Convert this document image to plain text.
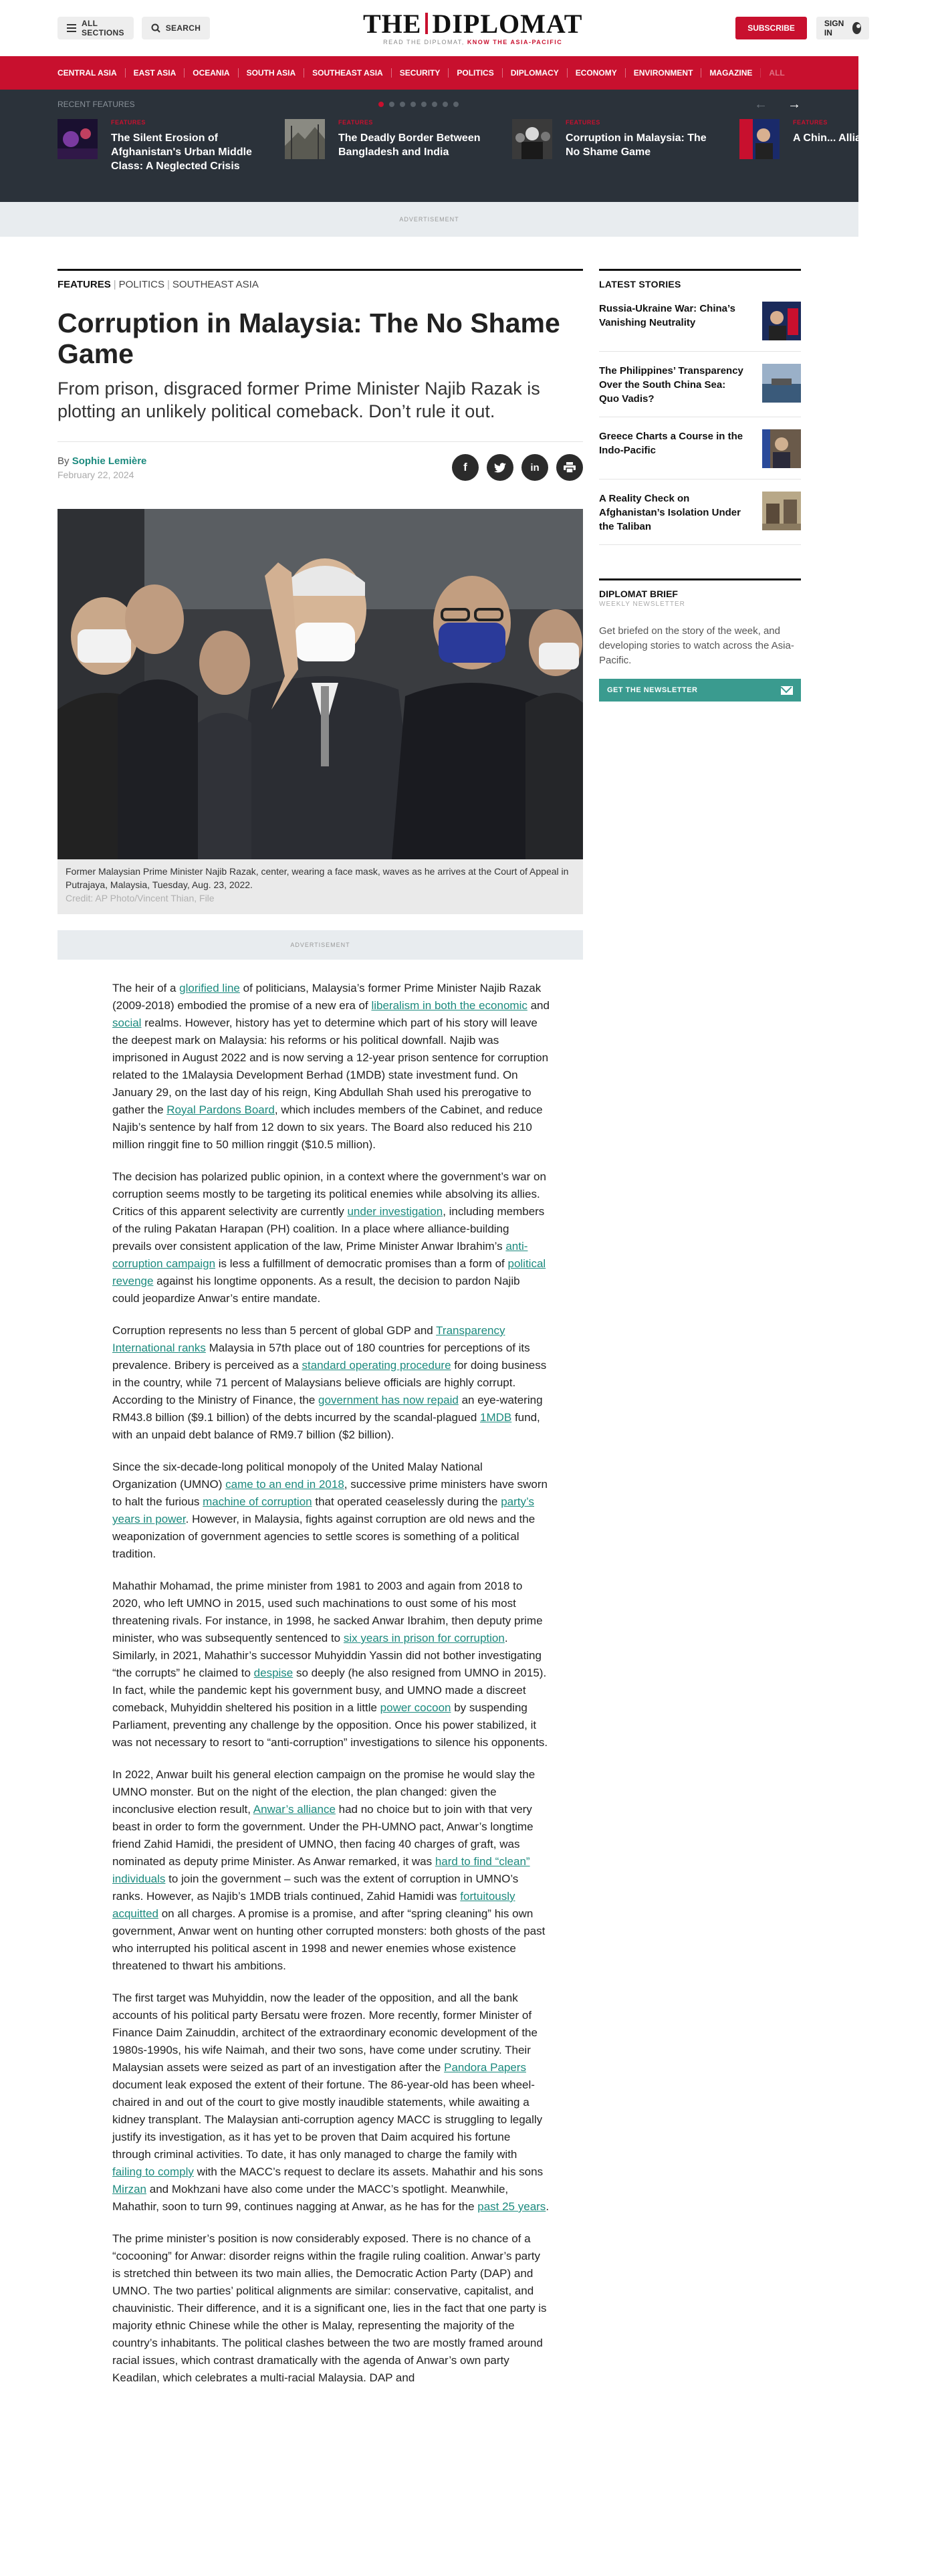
ALL SECTIONS	SEARCH	THE DIPLOMAT
READ THE DIPLOMAT, KNOW THE ASIA-PACIFIC
SUBSCRIBE	SIGN IN
CENTRAL ASIA	EAST ASIA	OCEANIA	SOUTH ASIA	SOUTHEAST ASIA	SECURITY	POLITICS	DIPLOMACY	ECONOMY	ENVIRONMENT	MAGAZINE	ALL
RECENT FEATURES	← →
FEATURES
The Silent Erosion of Afghanistan's Urban Middle Class: A Neglected Crisis
FEATURES
The Deadly Border Between Bangladesh and India
FEATURES
Corruption in Malaysia: The No Shame Game
FEATURES
A Chin... Allianc...
ADVERTISEMENT
FEATURES | POLITICS | SOUTHEAST ASIA
Corruption in Malaysia: The No Shame Game
From prison, disgraced former Prime Minister Najib Razak is plotting an unlikely political comeback. Don’t rule it out.
By Sophie Lemière
February 22, 2024
f	in
Former Malaysian Prime Minister Najib Razak, center, wearing a face mask, waves as he arrives at the Court of Appeal in Putrajaya, Malaysia, Tuesday, Aug. 23, 2022.
Credit: AP Photo/Vincent Thian, File
ADVERTISEMENT

The heir of a glorified line of politicians, Malaysia’s former Prime Minister Najib Razak (2009-2018) embodied the promise of a new era of liberalism in both the economic and social realms. However, history has yet to determine which part of his story will leave the deepest mark on Malaysia: his reforms or his political downfall. Najib was imprisoned in August 2022 and is now serving a 12-year prison sentence for corruption related to the 1Malaysia Development Berhad (1MDB) state investment fund. On January 29, on the last day of his reign, King Abdullah Shah used his prerogative to gather the Royal Pardons Board, which includes members of the Cabinet, and reduce Najib’s sentence by half from 12 down to six years. The Board also reduced his 210 million ringgit fine to 50 million ringgit ($10.5 million).

The decision has polarized public opinion, in a context where the government’s war on corruption seems mostly to be targeting its political enemies while absolving its allies. Critics of this apparent selectivity are currently under investigation, including members of the ruling Pakatan Harapan (PH) coalition. In a place where alliance-building prevails over consistent application of the law, Prime Minister Anwar Ibrahim’s anti-corruption campaign is less a fulfillment of democratic promises than a form of political revenge against his longtime opponents. As a result, the decision to pardon Najib could jeopardize Anwar’s entire mandate.

Corruption represents no less than 5 percent of global GDP and Transparency International ranks Malaysia in 57th place out of 180 countries for perceptions of its prevalence. Bribery is perceived as a standard operating procedure for doing business in the country, while 71 percent of Malaysians believe officials are highly corrupt. According to the Ministry of Finance, the government has now repaid an eye-watering RM43.8 billion ($9.1 billion) of the debts incurred by the scandal-plagued 1MDB fund, with an unpaid debt balance of RM9.7 billion ($2 billion).

Since the six-decade-long political monopoly of the United Malay National Organization (UMNO) came to an end in 2018, successive prime ministers have sworn to halt the furious machine of corruption that operated ceaselessly during the party’s years in power. However, in Malaysia, fights against corruption are old news and the weaponization of government agencies to settle scores is something of a political tradition.

Mahathir Mohamad, the prime minister from 1981 to 2003 and again from 2018 to 2020, who left UMNO in 2015, used such machinations to oust some of his most threatening rivals. For instance, in 1998, he sacked Anwar Ibrahim, then deputy prime minister, who was subsequently sentenced to six years in prison for corruption. Similarly, in 2021, Mahathir’s successor Muhyiddin Yassin did not bother investigating “the corrupts” he claimed to despise so deeply (he also resigned from UMNO in 2015). In fact, while the pandemic kept his government busy, and UMNO made a discreet comeback, Muhyiddin sheltered his position in a little power cocoon by suspending Parliament, preventing any challenge by the opposition. Once his power stabilized, it was not necessary to resort to “anti-corruption” investigations to silence his opponents.

In 2022, Anwar built his general election campaign on the promise he would slay the UMNO monster. But on the night of the election, the plan changed: given the inconclusive election result, Anwar’s alliance had no choice but to join with that very beast in order to form the government. Under the PH-UMNO pact, Anwar’s longtime friend Zahid Hamidi, the president of UMNO, then facing 40 charges of graft, was nominated as deputy prime Minister. As Anwar remarked, it was hard to find “clean” individuals to join the government – such was the extent of corruption in UMNO’s ranks. However, as Najib’s 1MDB trials continued, Zahid Hamidi was fortuitously acquitted on all charges. A promise is a promise, and after “spring cleaning” his own government, Anwar went on hunting other corrupted monsters: both ghosts of the past who interrupted his political ascent in 1998 and newer enemies whose existence threatened to thwart his ambitions.

The first target was Muhyiddin, now the leader of the opposition, and all the bank accounts of his political party Bersatu were frozen. More recently, former Minister of Finance Daim Zainuddin, architect of the extraordinary economic development of the 1980s-1990s, his wife Naimah, and their two sons, have come under scrutiny. Their Malaysian assets were seized as part of an investigation after the Pandora Papers document leak exposed the extent of their fortune. The 86-year-old has been wheel-chaired in and out of the court to give mostly inaudible statements, while awaiting a kidney transplant. The Malaysian anti-corruption agency MACC is struggling to legally justify its investigation, as it has yet to be proven that Daim acquired his fortune through criminal activities. To date, it has only managed to charge the family with failing to comply with the MACC’s request to declare its assets. Mahathir and his sons Mirzan and Mokhzani have also come under the MACC’s spotlight. Meanwhile, Mahathir, soon to turn 99, continues nagging at Anwar, as he has for the past 25 years.

The prime minister’s position is now considerably exposed. There is no chance of a “cocooning” for Anwar: disorder reigns within the fragile ruling coalition. Anwar’s party is stretched thin between its two main allies, the Democratic Action Party (DAP) and UMNO. The two parties’ political alignments are similar: conservative, capitalist, and chauvinistic. Their difference, and it is a significant one, lies in the fact that one party is majority ethnic Chinese while the other is Malay, representing the majority of the country’s inhabitants. The political clashes between the two are mostly framed around racial issues, which contrast dramatically with the agenda of Anwar’s own party Keadilan, which celebrates a multi-racial Malaysia. DAP and

LATEST STORIES
Russia-Ukraine War: China’s Vanishing Neutrality
The Philippines’ Transparency Over the South China Sea: Quo Vadis?
Greece Charts a Course in the Indo-Pacific
A Reality Check on Afghanistan’s Isolation Under the Taliban
DIPLOMAT BRIEF
WEEKLY NEWSLETTER
Get briefed on the story of the week, and developing stories to watch across the Asia-Pacific.
GET THE NEWSLETTER
